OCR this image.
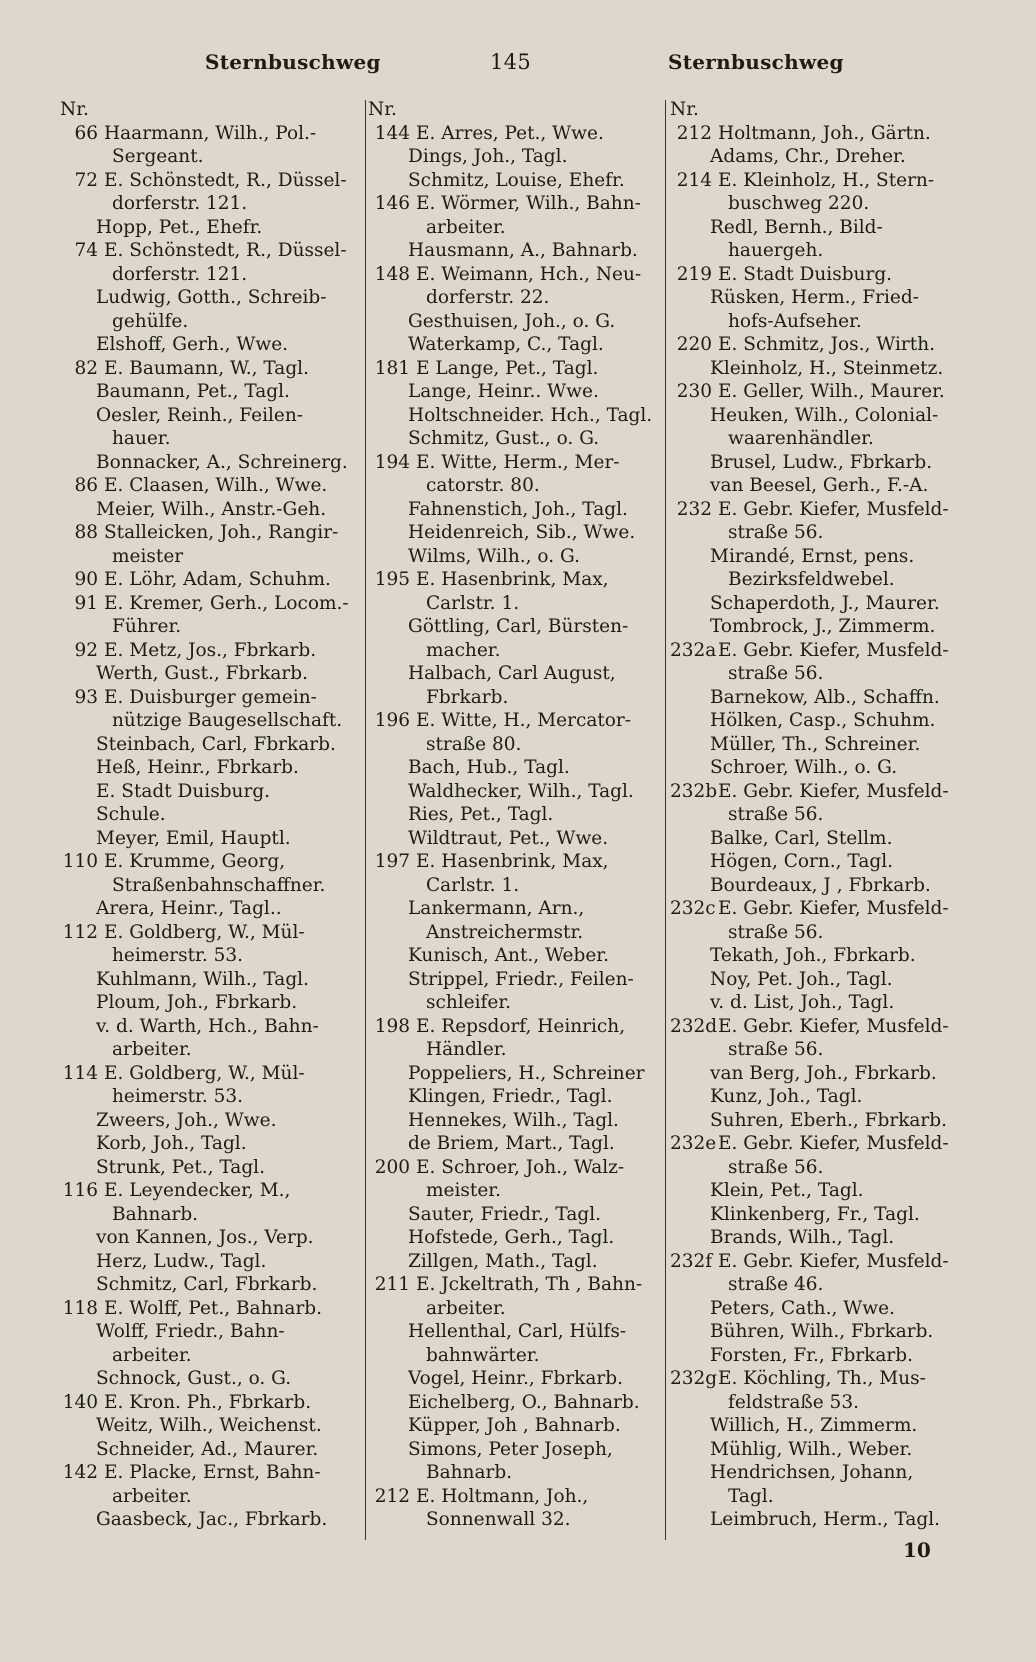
Sternbuschweg	145	Sternbuschweg
Nr.
66 Haarmann, Wilh., Pol.-
Sergeant.
72 E. Schönstedt, R., Düssel-
dorferstr. 121.
Hopp, Pet., Ehefr.
74 E. Schönstedt, R., Düssel-
dorferstr. 121.
Ludwig, Gotth., Schreib-
gehülfe.
Elshoff, Gerh., Wwe.
82 E. Baumann, W., Tagl.
Baumann, Pet., Tagl.
Oesler, Reinh., Feilen-
hauer.
Bonnacker, A., Schreinerg.
86 E. Claasen, Wilh., Wwe.
Meier, Wilh., Anstr.-Geh.
88 Stalleicken, Joh., Rangir-
meister
90 E. Löhr, Adam, Schuhm.
91 E. Kremer, Gerh., Locom.-
Führer.
92 E. Metz, Jos., Fbrkarb.
Werth, Gust., Fbrkarb.
93 E. Duisburger gemein-
nützige Baugesellschaft.
Steinbach, Carl, Fbrkarb.
Heß, Heinr., Fbrkarb.
E. Stadt Duisburg.
Schule.
Meyer, Emil, Hauptl.
110 E. Krumme, Georg,
Straßenbahnschaffner.
Arera, Heinr., Tagl..
112 E. Goldberg, W., Mül-
heimerstr. 53.
Kuhlmann, Wilh., Tagl.
Ploum, Joh., Fbrkarb.
v. d. Warth, Hch., Bahn-
arbeiter.
114 E. Goldberg, W., Mül-
heimerstr. 53.
Zweers, Joh., Wwe.
Korb, Joh., Tagl.
Strunk, Pet., Tagl.
116 E. Leyendecker, M.,
Bahnarb.
von Kannen, Jos., Verp.
Herz, Ludw., Tagl.
Schmitz, Carl, Fbrkarb.
118 E. Wolff, Pet., Bahnarb.
Wolff, Friedr., Bahn-
arbeiter.
Schnock, Gust., o. G.
140 E. Kron. Ph., Fbrkarb.
Weitz, Wilh., Weichenst.
Schneider, Ad., Maurer.
142 E. Placke, Ernst, Bahn-
arbeiter.
Gaasbeck, Jac., Fbrkarb.
Nr.
144 E. Arres, Pet., Wwe.
Dings, Joh., Tagl.
Schmitz, Louise, Ehefr.
146 E. Wörmer, Wilh., Bahn-
arbeiter.
Hausmann, A., Bahnarb.
148 E. Weimann, Hch., Neu-
dorferstr. 22.
Gesthuisen, Joh., o. G.
Waterkamp, C., Tagl.
181 E Lange, Pet., Tagl.
Lange, Heinr.. Wwe.
Holtschneider. Hch., Tagl.
Schmitz, Gust., o. G.
194 E. Witte, Herm., Mer-
catorstr. 80.
Fahnenstich, Joh., Tagl.
Heidenreich, Sib., Wwe.
Wilms, Wilh., o. G.
195 E. Hasenbrink, Max,
Carlstr. 1.
Göttling, Carl, Bürsten-
macher.
Halbach, Carl August,
Fbrkarb.
196 E. Witte, H., Mercator-
straße 80.
Bach, Hub., Tagl.
Waldhecker, Wilh., Tagl.
Ries, Pet., Tagl.
Wildtraut, Pet., Wwe.
197 E. Hasenbrink, Max,
Carlstr. 1.
Lankermann, Arn.,
Anstreichermstr.
Kunisch, Ant., Weber.
Strippel, Friedr., Feilen-
schleifer.
198 E. Repsdorf, Heinrich,
Händler.
Poppeliers, H., Schreiner
Klingen, Friedr., Tagl.
Hennekes, Wilh., Tagl.
de Briem, Mart., Tagl.
200 E. Schroer, Joh., Walz-
meister.
Sauter, Friedr., Tagl.
Hofstede, Gerh., Tagl.
Zillgen, Math., Tagl.
211 E. Jckeltrath, Th , Bahn-
arbeiter.
Hellenthal, Carl, Hülfs-
bahnwärter.
Vogel, Heinr., Fbrkarb.
Eichelberg, O., Bahnarb.
Küpper, Joh , Bahnarb.
Simons, Peter Joseph,
Bahnarb.
212 E. Holtmann, Joh.,
Sonnenwall 32.
Nr.
212 Holtmann, Joh., Gärtn.
Adams, Chr., Dreher.
214 E. Kleinholz, H., Stern-
buschweg 220.
Redl, Bernh., Bild-
hauergeh.
219 E. Stadt Duisburg.
Rüsken, Herm., Fried-
hofs-Aufseher.
220 E. Schmitz, Jos., Wirth.
Kleinholz, H., Steinmetz.
230 E. Geller, Wilh., Maurer.
Heuken, Wilh., Colonial-
waarenhändler.
Brusel, Ludw., Fbrkarb.
van Beesel, Gerh., F.-A.
232 E. Gebr. Kiefer, Musfeld-
straße 56.
Mirandé, Ernst, pens.
Bezirksfeldwebel.
Schaperdoth, J., Maurer.
Tombrock, J., Zimmerm.
232aE. Gebr. Kiefer, Musfeld-
straße 56.
Barnekow, Alb., Schaffn.
Hölken, Casp., Schuhm.
Müller, Th., Schreiner.
Schroer, Wilh., o. G.
232bE. Gebr. Kiefer, Musfeld-
straße 56.
Balke, Carl, Stellm.
Högen, Corn., Tagl.
Bourdeaux, J , Fbrkarb.
232c E. Gebr. Kiefer, Musfeld-
straße 56.
Tekath, Joh., Fbrkarb.
Noy, Pet. Joh., Tagl.
v. d. List, Joh., Tagl.
232dE. Gebr. Kiefer, Musfeld-
straße 56.
van Berg, Joh., Fbrkarb.
Kunz, Joh., Tagl.
Suhren, Eberh., Fbrkarb.
232eE. Gebr. Kiefer, Musfeld-
straße 56.
Klein, Pet., Tagl.
Klinkenberg, Fr., Tagl.
Brands, Wilh., Tagl.
232f E. Gebr. Kiefer, Musfeld-
straße 46.
Peters, Cath., Wwe.
Bühren, Wilh., Fbrkarb.
Forsten, Fr., Fbrkarb.
232gE. Köchling, Th., Mus-
feldstraße 53.
Willich, H., Zimmerm.
Mühlig, Wilh., Weber.
Hendrichsen, Johann,
Tagl.
Leimbruch, Herm., Tagl.
10
